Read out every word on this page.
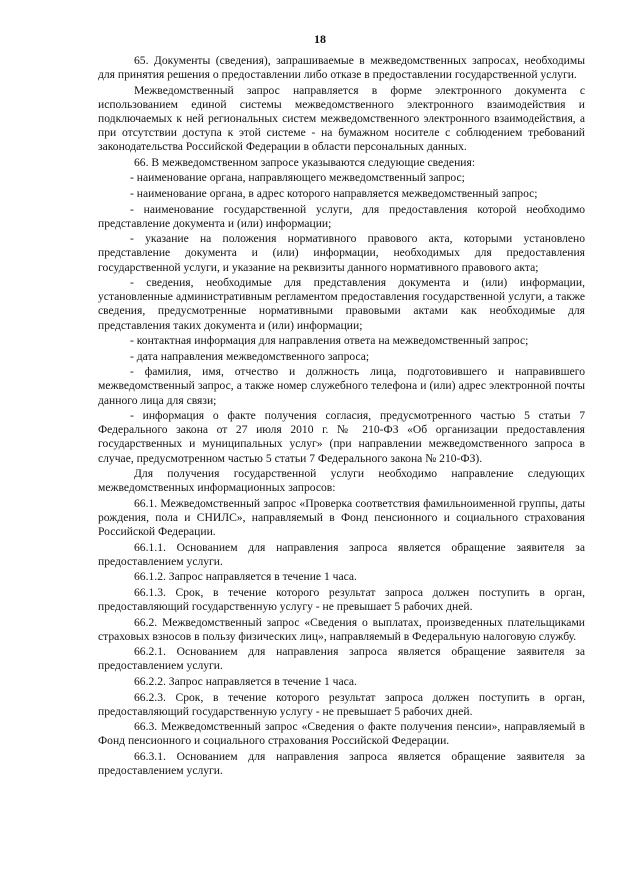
18

65. Документы (сведения), запрашиваемые в межведомственных запросах, необходимы для принятия решения о предоставлении либо отказе в предоставлении государственной услуги.

Межведомственный запрос направляется в форме электронного документа с использованием единой системы межведомственного электронного взаимодействия и подключаемых к ней региональных систем межведомственного электронного взаимодействия, а при отсутствии доступа к этой системе - на бумажном носителе с соблюдением требований законодательства Российской Федерации в области персональных данных.

66. В межведомственном запросе указываются следующие сведения:

- наименование органа, направляющего межведомственный запрос;

- наименование органа, в адрес которого направляется межведомственный запрос;

- наименование государственной услуги, для предоставления которой необходимо представление документа и (или) информации;

- указание на положения нормативного правового акта, которыми установлено представление документа и (или) информации, необходимых для предоставления государственной услуги, и указание на реквизиты данного нормативного правового акта;

- сведения, необходимые для представления документа и (или) информации, установленные административным регламентом предоставления государственной услуги, а также сведения, предусмотренные нормативными правовыми актами как необходимые для представления таких документа и (или) информации;

- контактная информация для направления ответа на межведомственный запрос;

- дата направления межведомственного запроса;

- фамилия, имя, отчество и должность лица, подготовившего и направившего межведомственный запрос, а также номер служебного телефона и (или) адрес электронной почты данного лица для связи;

- информация о факте получения согласия, предусмотренного частью 5 статьи 7 Федерального закона от 27 июля 2010 г. № 210-ФЗ «Об организации предоставления государственных и муниципальных услуг» (при направлении межведомственного запроса в случае, предусмотренном частью 5 статьи 7 Федерального закона № 210-ФЗ).

Для получения государственной услуги необходимо направление следующих межведомственных информационных запросов:

66.1. Межведомственный запрос «Проверка соответствия фамильноименной группы, даты рождения, пола и СНИЛС», направляемый в Фонд пенсионного и социального страхования Российской Федерации.

66.1.1. Основанием для направления запроса является обращение заявителя за предоставлением услуги.

66.1.2. Запрос направляется в течение 1 часа.

66.1.3. Срок, в течение которого результат запроса должен поступить в орган, предоставляющий государственную услугу - не превышает 5 рабочих дней.

66.2. Межведомственный запрос «Сведения о выплатах, произведенных плательщиками страховых взносов в пользу физических лиц», направляемый в Федеральную налоговую службу.

66.2.1. Основанием для направления запроса является обращение заявителя за предоставлением услуги.

66.2.2. Запрос направляется в течение 1 часа.

66.2.3. Срок, в течение которого результат запроса должен поступить в орган, предоставляющий государственную услугу - не превышает 5 рабочих дней.

66.3. Межведомственный запрос «Сведения о факте получения пенсии», направляемый в Фонд пенсионного и социального страхования Российской Федерации.

66.3.1. Основанием для направления запроса является обращение заявителя за предоставлением услуги.
